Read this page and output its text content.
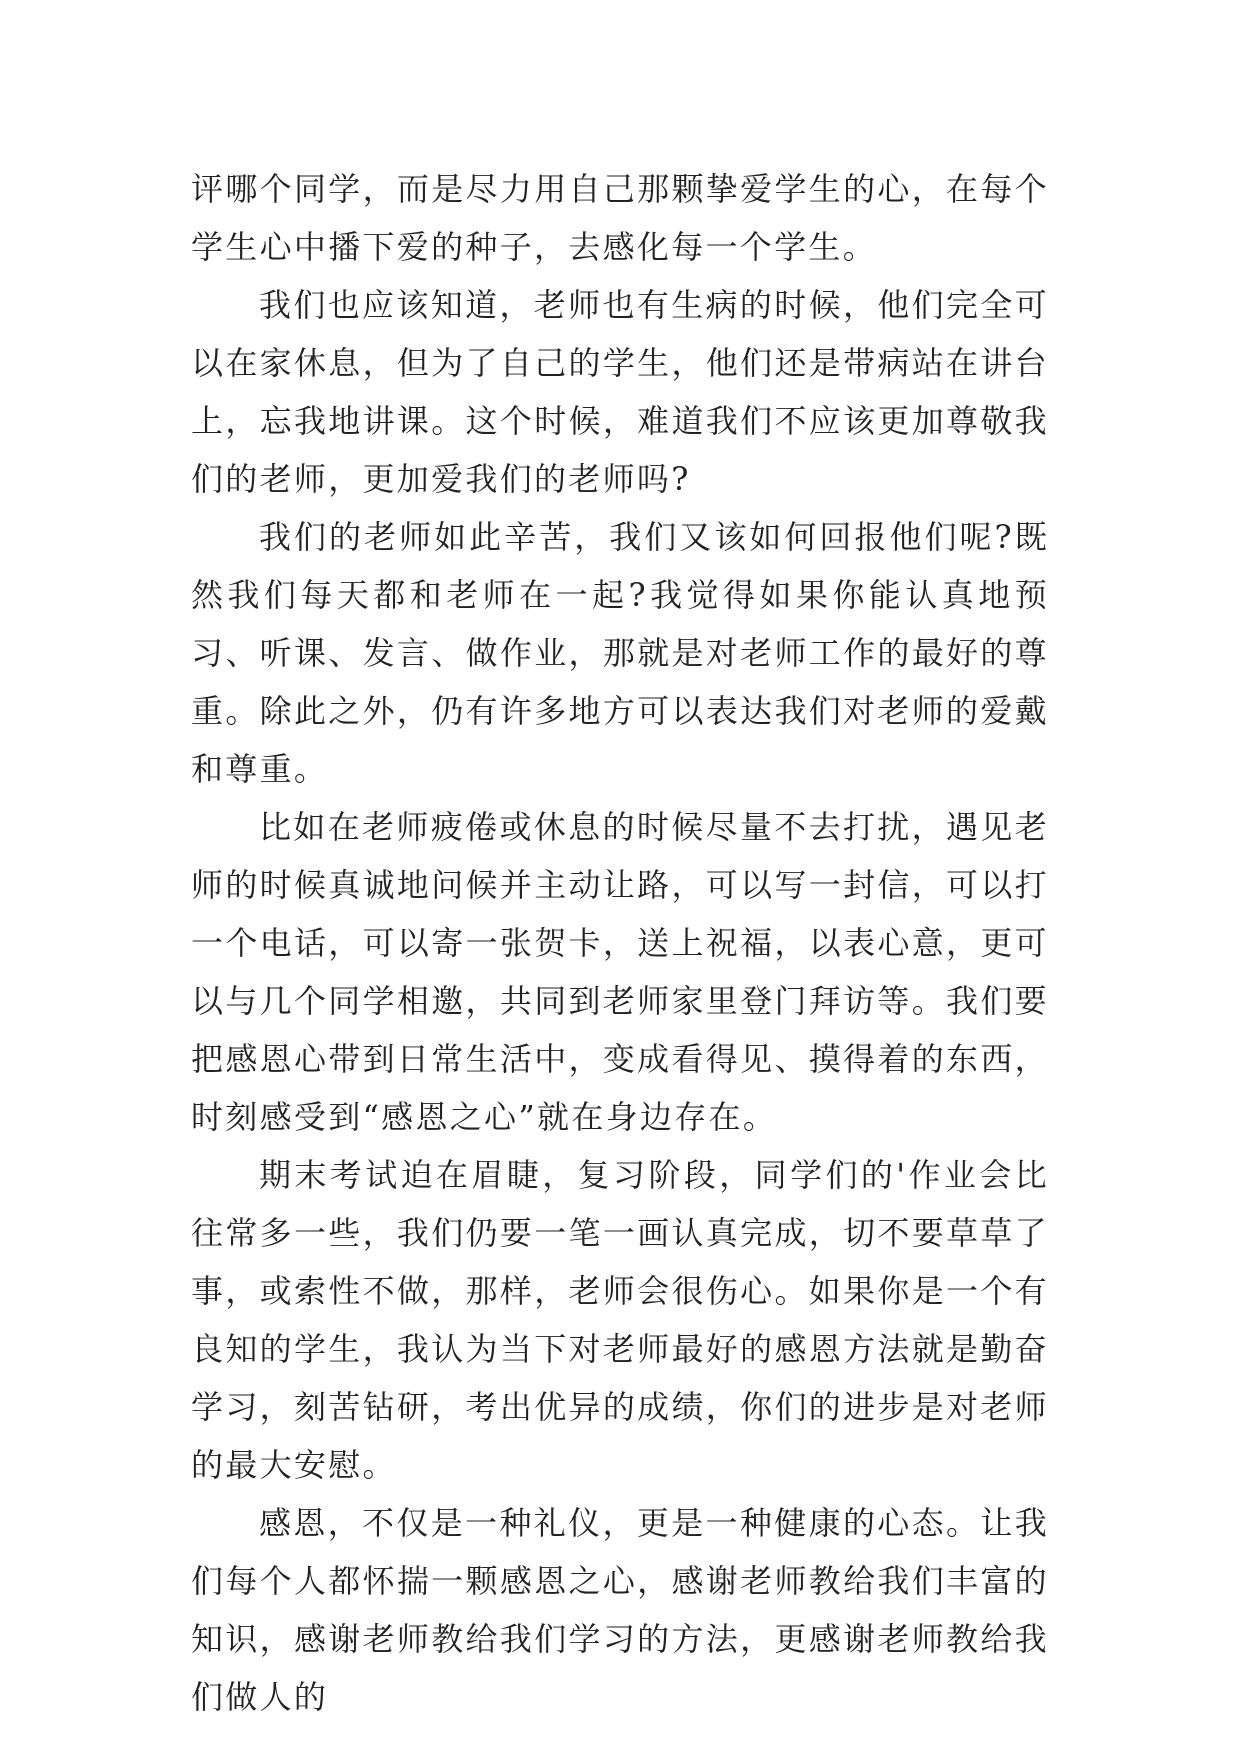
评哪个同学，而是尽力用自己那颗挚爱学生的心，在每个学生心中播下爱的种子，去感化每一个学生。

我们也应该知道，老师也有生病的时候，他们完全可以在家休息，但为了自己的学生，他们还是带病站在讲台上，忘我地讲课。这个时候，难道我们不应该更加尊敬我们的老师，更加爱我们的老师吗?

我们的老师如此辛苦，我们又该如何回报他们呢?既然我们每天都和老师在一起?我觉得如果你能认真地预习、听课、发言、做作业，那就是对老师工作的最好的尊重。除此之外，仍有许多地方可以表达我们对老师的爱戴和尊重。

比如在老师疲倦或休息的时候尽量不去打扰，遇见老师的时候真诚地问候并主动让路，可以写一封信，可以打一个电话，可以寄一张贺卡，送上祝福，以表心意，更可以与几个同学相邀，共同到老师家里登门拜访等。我们要把感恩心带到日常生活中，变成看得见、摸得着的东西，时刻感受到“感恩之心”就在身边存在。

期末考试迫在眉睫，复习阶段，同学们的'作业会比往常多一些，我们仍要一笔一画认真完成，切不要草草了事，或索性不做，那样，老师会很伤心。如果你是一个有良知的学生，我认为当下对老师最好的感恩方法就是勤奋学习，刻苦钻研，考出优异的成绩，你们的进步是对老师的最大安慰。

感恩，不仅是一种礼仪，更是一种健康的心态。让我们每个人都怀揣一颗感恩之心，感谢老师教给我们丰富的知识，感谢老师教给我们学习的方法，更感谢老师教给我们做人的
